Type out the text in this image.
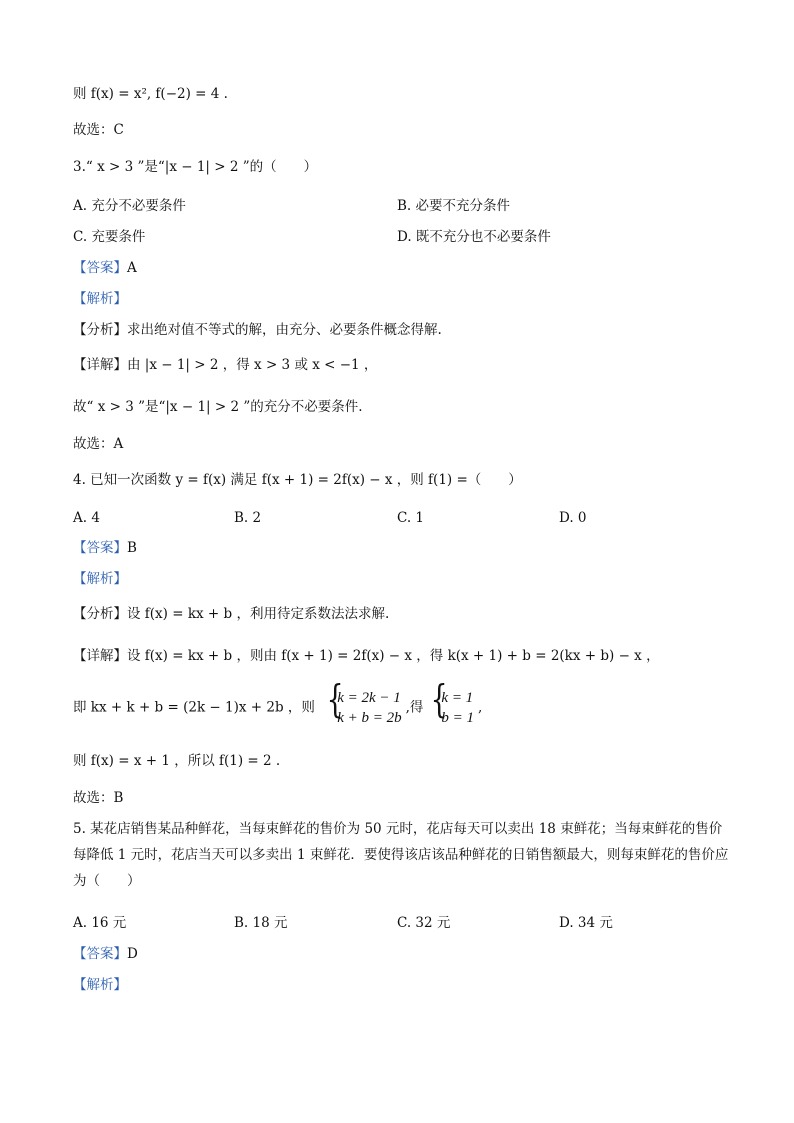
则 f(x) = x², f(−2) = 4 .
故选：C
3.“ x > 3 ”是“|x − 1| > 2 ”的（　　）
A. 充分不必要条件	B. 必要不充分条件
C. 充要条件	D. 既不充分也不必要条件
【答案】A
【解析】
【分析】求出绝对值不等式的解，由充分、必要条件概念得解.
【详解】由 |x − 1| > 2 ，得 x > 3 或 x < −1 ，
故“ x > 3 ”是“|x − 1| > 2 ”的充分不必要条件.
故选：A
4. 已知一次函数 y = f(x) 满足 f(x + 1) = 2f(x) − x ，则 f(1) =（　　）
A. 4	B. 2	C. 1	D. 0
【答案】B
【解析】
【分析】设 f(x) = kx + b ，利用待定系数法法求解.
【详解】设 f(x) = kx + b ，则由 f(x + 1) = 2f(x) − x ，得 k(x + 1) + b = 2(kx + b) − x ，
即 kx + k + b = (2k − 1)x + 2b ，则
{ k = 2k − 1
k + b = 2b
,得
{ k = 1
b = 1
,
则 f(x) = x + 1 ，所以 f(1) = 2 .
故选：B
5. 某花店销售某品种鲜花，当每束鲜花的售价为 50 元时，花店每天可以卖出 18 束鲜花；当每束鲜花的售价每降低 1 元时，花店当天可以多卖出 1 束鲜花．要使得该店该品种鲜花的日销售额最大，则每束鲜花的售价应为（　　）
A. 16 元	B. 18 元	C. 32 元	D. 34 元
【答案】D
【解析】
